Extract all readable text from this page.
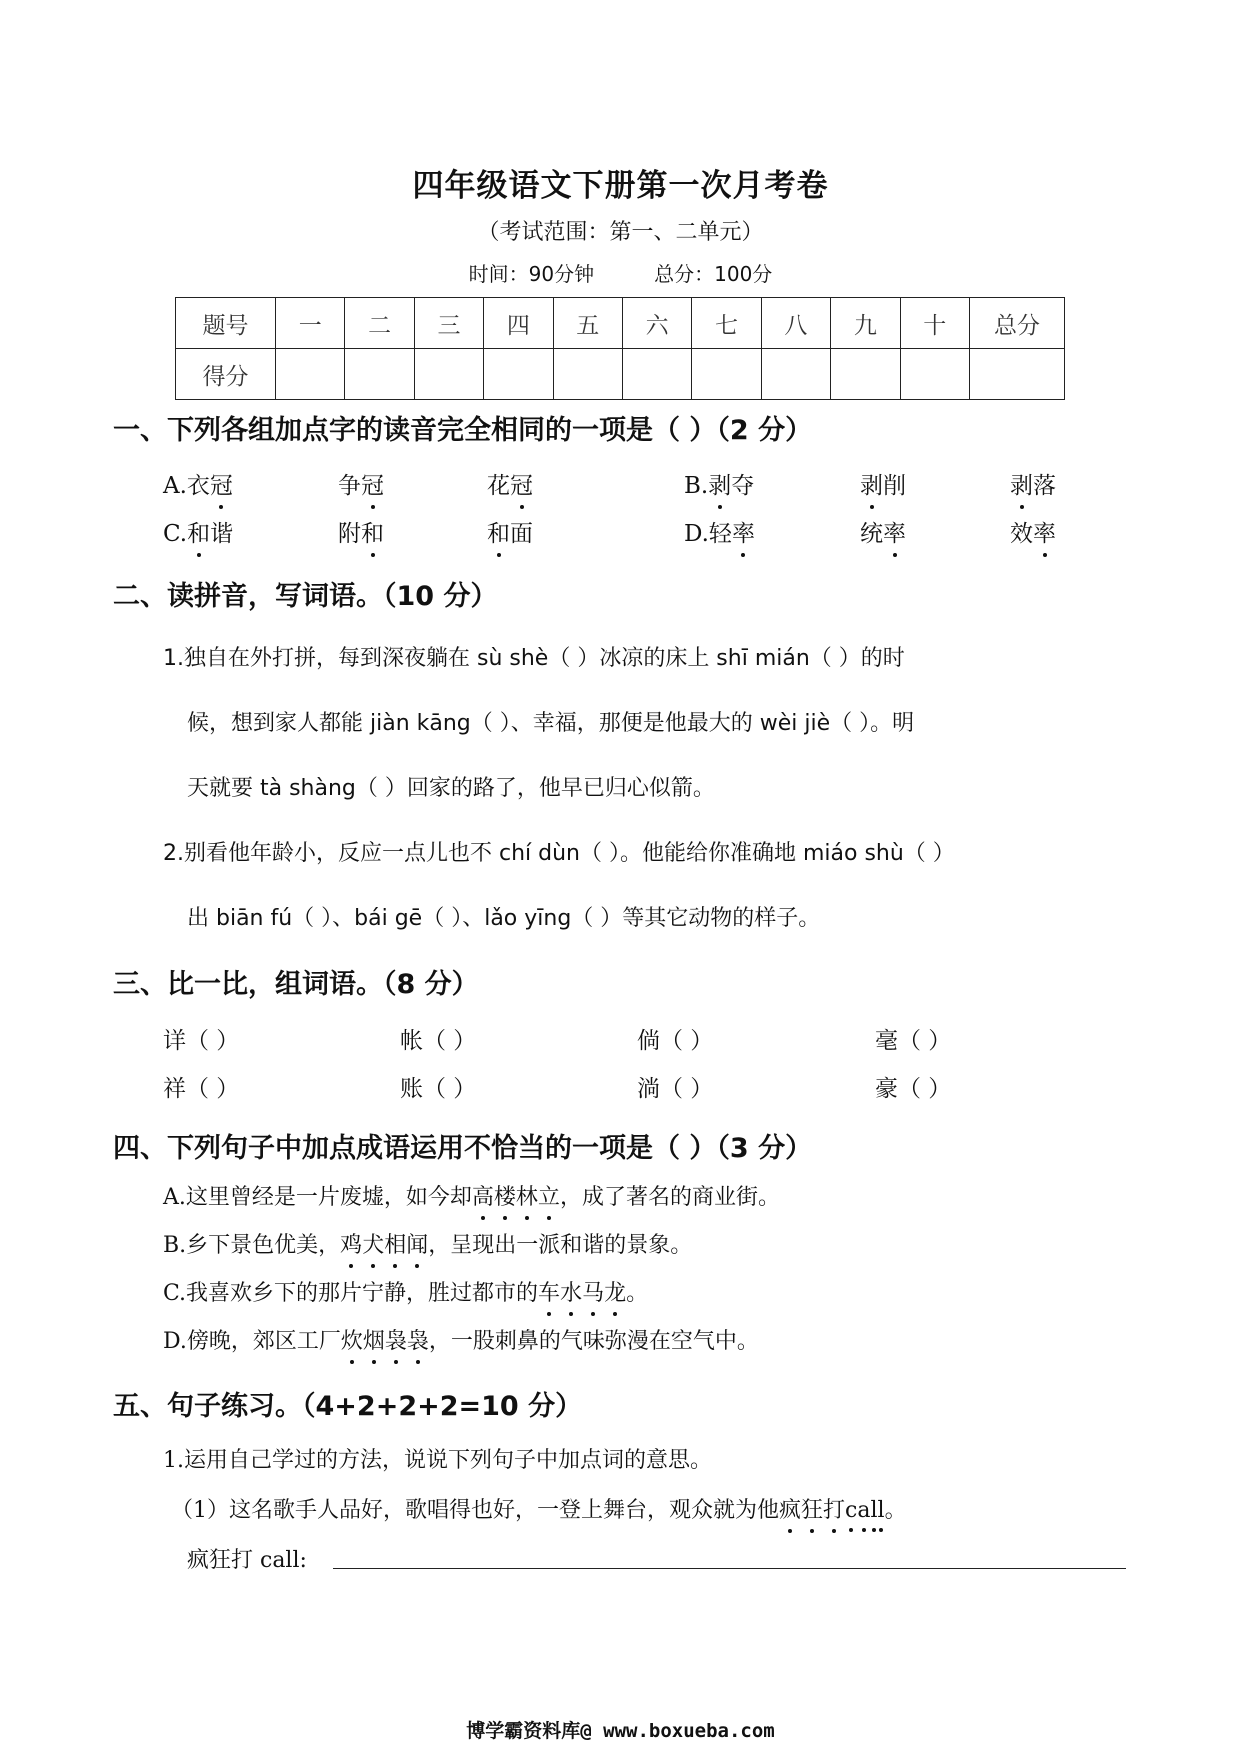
四年级语文下册第一次月考卷
（考试范围：第一、二单元）
时间：90分钟	总分：100分
题号	一	二	三	四	五	六	七	八	九	十	总分
得分											
一、下列各组加点字的读音完全相同的一项是（ ）（2 分）
A.衣冠	争冠	花冠	B.剥夺	剥削	剥落
C.和谐	附和	和面	D.轻率	统率	效率
二、读拼音，写词语。（10 分）
1.独自在外打拼，每到深夜躺在 sù shè（ ）冰凉的床上 shī mián（ ）的时
候，想到家人都能 jiàn kāng（ ）、幸福，那便是他最大的 wèi jiè（ ）。明
天就要 tà shàng（ ）回家的路了，他早已归心似箭。
2.别看他年龄小，反应一点儿也不 chí dùn（ ）。他能给你准确地 miáo shù（ ）
出 biān fú（ ）、bái gē（ ）、lǎo yīng（ ）等其它动物的样子。
三、比一比，组词语。（8 分）
详（ ）	帐（ ）	倘（ ）	毫（ ）
祥（ ）	账（ ）	淌（ ）	豪（ ）
四、下列句子中加点成语运用不恰当的一项是（ ）（3 分）
A.这里曾经是一片废墟，如今却高楼林立，成了著名的商业街。
B.乡下景色优美，鸡犬相闻，呈现出一派和谐的景象。
C.我喜欢乡下的那片宁静，胜过都市的车水马龙。
D.傍晚，郊区工厂炊烟袅袅，一股刺鼻的气味弥漫在空气中。
五、句子练习。（4+2+2+2=10 分）
1.运用自己学过的方法，说说下列句子中加点词的意思。
（1）这名歌手人品好，歌唱得也好，一登上舞台，观众就为他疯狂打call。
疯狂打 call:
博学霸资料库@ www.boxueba.com
